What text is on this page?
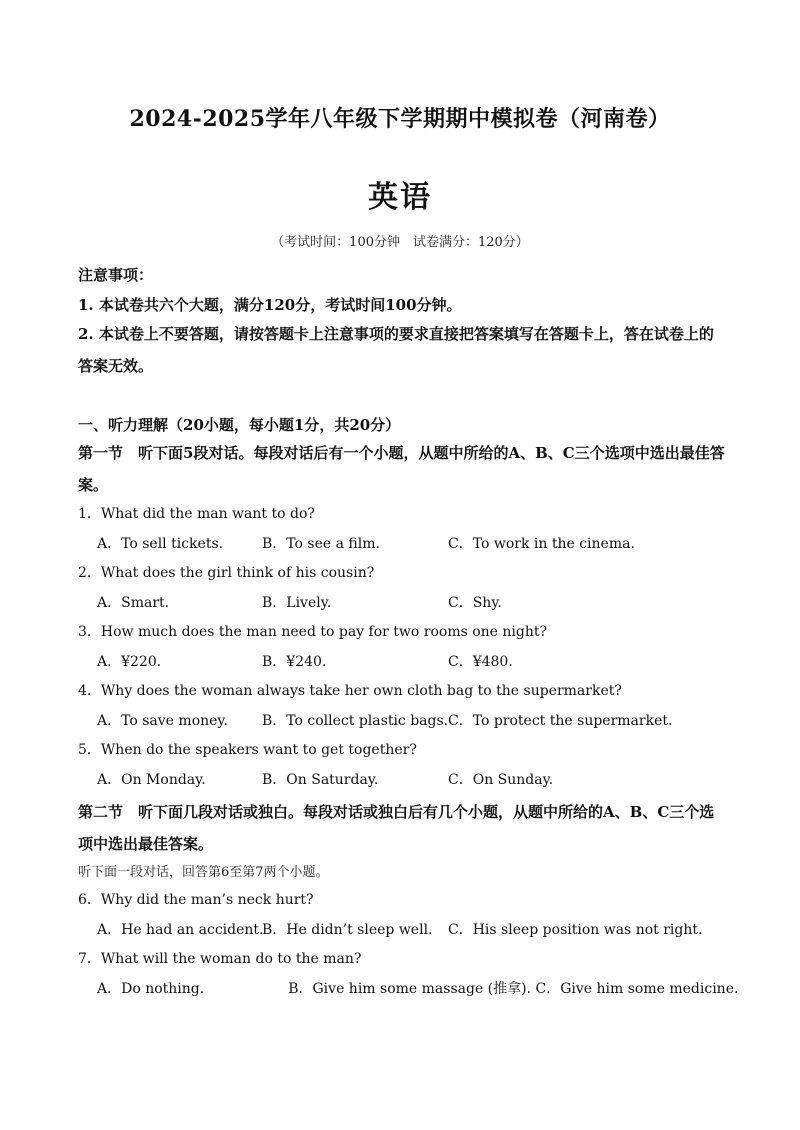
2024-2025学年八年级下学期期中模拟卷（河南卷）
英语
（考试时间：100分钟　试卷满分：120分）
注意事项：
1. 本试卷共六个大题，满分120分，考试时间100分钟。
2. 本试卷上不要答题，请按答题卡上注意事项的要求直接把答案填写在答题卡上，答在试卷上的答案无效。
一、听力理解（20小题，每小题1分，共20分）
第一节　听下面5段对话。每段对话后有一个小题，从题中所给的A、B、C三个选项中选出最佳答案。
1．What did the man want to do?
A．To sell tickets.	B．To see a film.	C．To work in the cinema.
2．What does the girl think of his cousin?
A．Smart.	B．Lively.	C．Shy.
3．How much does the man need to pay for two rooms one night?
A．¥220.	B．¥240.	C．¥480.
4．Why does the woman always take her own cloth bag to the supermarket?
A．To save money. B．To collect plastic bags. C．To protect the supermarket.
5．When do the speakers want to get together?
A．On Monday.	B．On Saturday.	C．On Sunday.
第二节　听下面几段对话或独白。每段对话或独白后有几个小题，从题中所给的A、B、C三个选项中选出最佳答案。
听下面一段对话，回答第6至第7两个小题。
6．Why did the man’s neck hurt?
A．He had an accident.
B．He didn’t sleep well. C．His sleep position was not right.
7．What will the woman do to the man?
A．Do nothing.　　　　　　B．Give him some massage (推拿). C．Give him some medicine.
